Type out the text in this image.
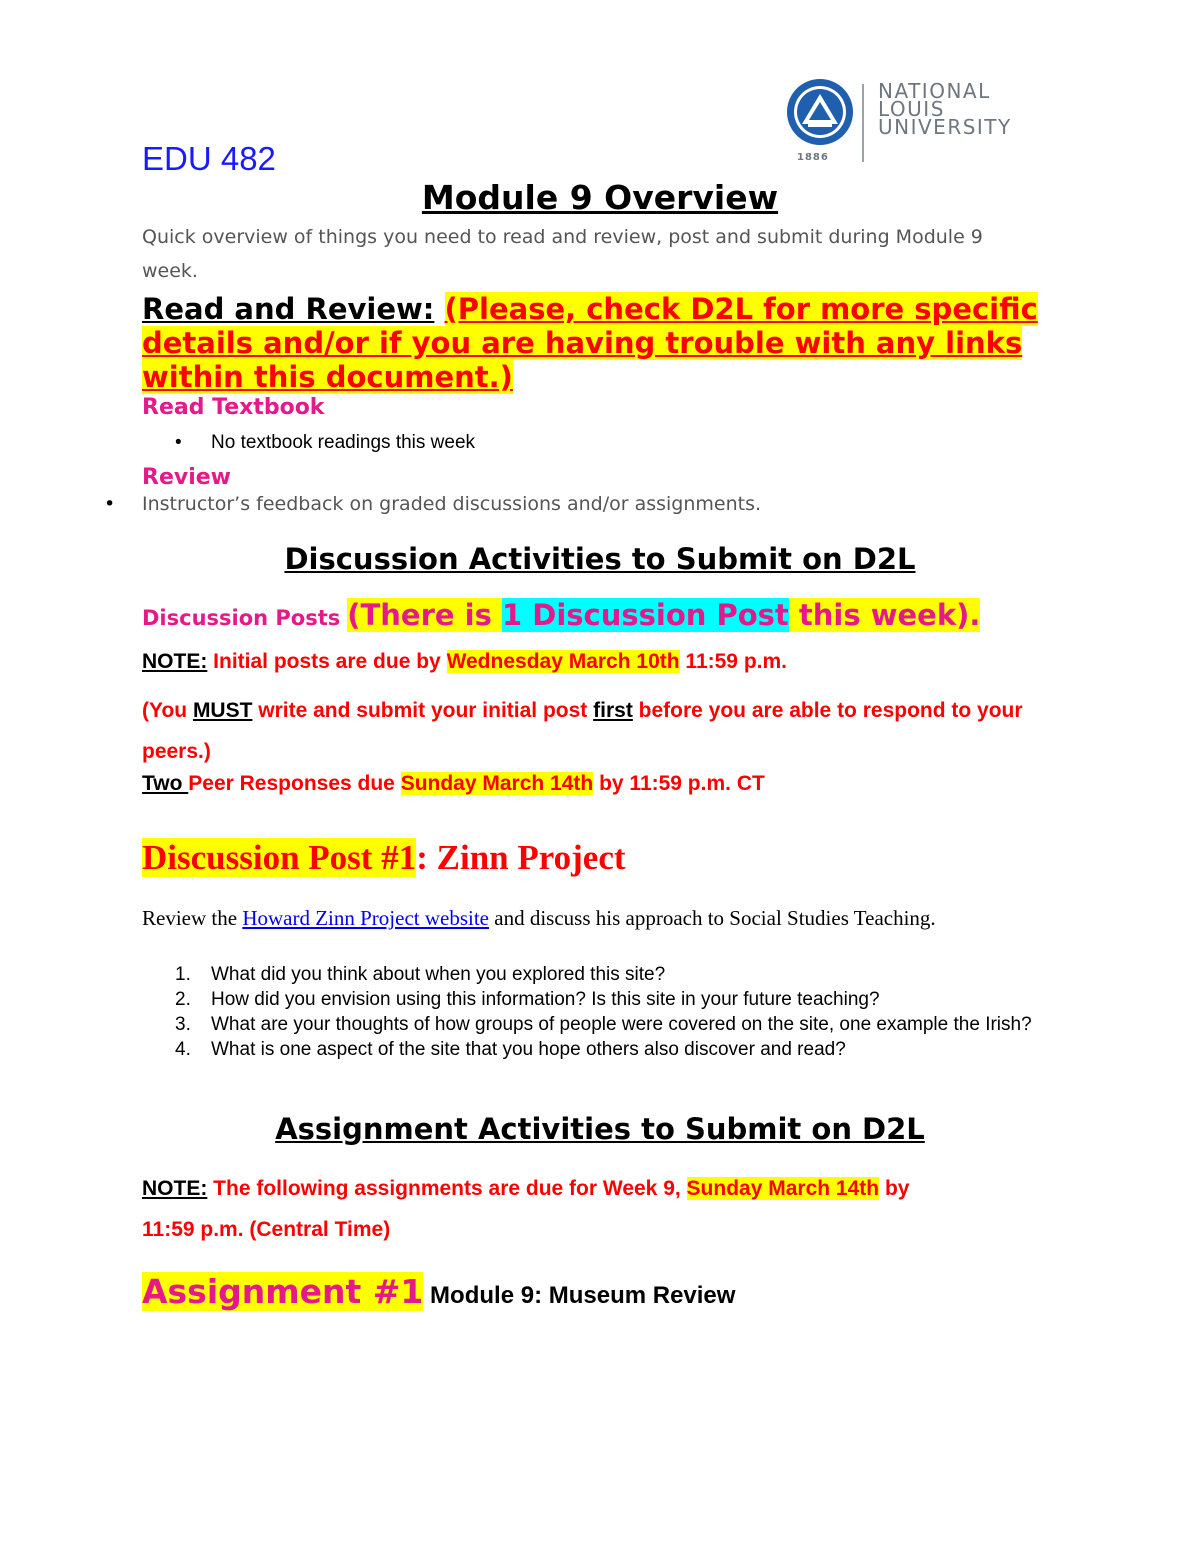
NATIONAL
LOUIS
UNIVERSITY
1886
EDU 482
Module 9 Overview
Quick overview of things you need to read and review, post and submit during Module 9 week.
Read and Review: (Please, check D2L for more specific details and/or if you are having trouble with any links within this document.)
Read Textbook
• No textbook readings this week
Review
• Instructor’s feedback on graded discussions and/or assignments.
Discussion Activities to Submit on D2L
Discussion Posts (There is 1 Discussion Post this week).
NOTE: Initial posts are due by Wednesday March 10th 11:59 p.m.
(You MUST write and submit your initial post first before you are able to respond to your peers.)
Two Peer Responses due Sunday March 14th by 11:59 p.m. CT
Discussion Post #1: Zinn Project
Review the Howard Zinn Project website and discuss his approach to Social Studies Teaching.
1. What did you think about when you explored this site?
2. How did you envision using this information? Is this site in your future teaching?
3. What are your thoughts of how groups of people were covered on the site, one example the Irish?
4. What is one aspect of the site that you hope others also discover and read?
Assignment Activities to Submit on D2L
NOTE: The following assignments are due for Week 9, Sunday March 14th by
11:59 p.m. (Central Time)
Assignment #1 Module 9: Museum Review
